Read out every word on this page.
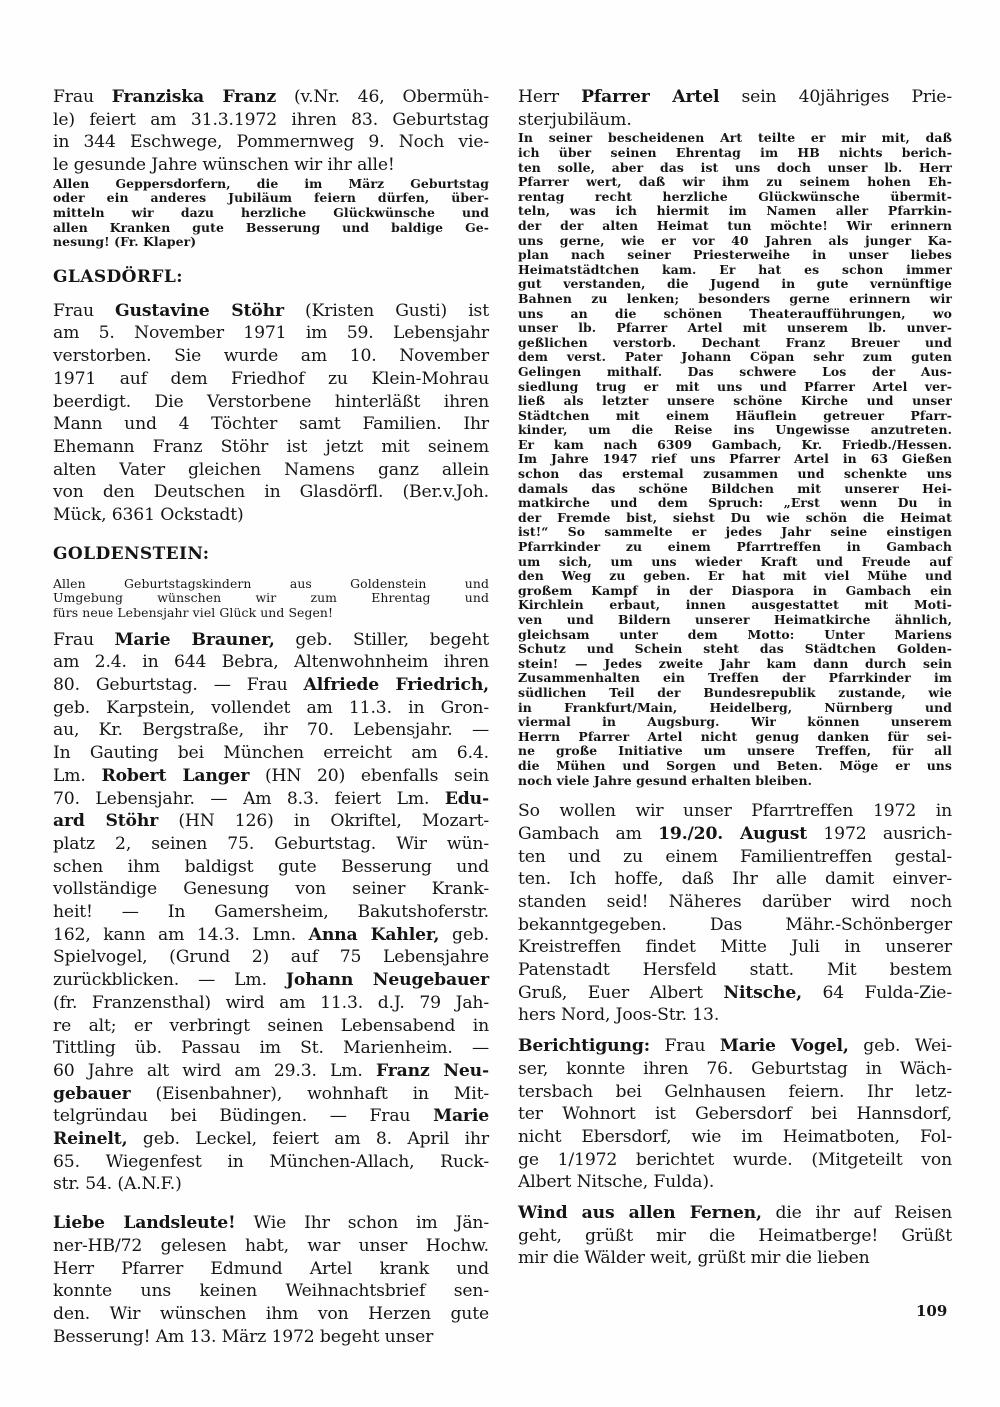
Frau Franziska Franz (v.Nr. 46, Obermüh-
le) feiert am 31.3.1972 ihren 83. Geburtstag
in 344 Eschwege, Pommernweg 9. Noch vie-
le gesunde Jahre wünschen wir ihr alle!
Allen Geppersdorfern, die im März Geburtstag
oder ein anderes Jubiläum feiern dürfen, über-
mitteln wir dazu herzliche Glückwünsche und
allen Kranken gute Besserung und baldige Ge-
nesung! (Fr. Klaper)
GLASDÖRFL:
Frau Gustavine Stöhr (Kristen Gusti) ist
am 5. November 1971 im 59. Lebensjahr
verstorben. Sie wurde am 10. November
1971 auf dem Friedhof zu Klein-Mohrau
beerdigt. Die Verstorbene hinterläßt ihren
Mann und 4 Töchter samt Familien. Ihr
Ehemann Franz Stöhr ist jetzt mit seinem
alten Vater gleichen Namens ganz allein
von den Deutschen in Glasdörfl. (Ber.v.Joh.
Mück, 6361 Ockstadt)
GOLDENSTEIN:
Allen Geburtstagskindern aus Goldenstein und
Umgebung wünschen wir zum Ehrentag und
fürs neue Lebensjahr viel Glück und Segen!
Frau Marie Brauner, geb. Stiller, begeht
am 2.4. in 644 Bebra, Altenwohnheim ihren
80. Geburtstag. — Frau Alfriede Friedrich,
geb. Karpstein, vollendet am 11.3. in Gron-
au, Kr. Bergstraße, ihr 70. Lebensjahr. —
In Gauting bei München erreicht am 6.4.
Lm. Robert Langer (HN 20) ebenfalls sein
70. Lebensjahr. — Am 8.3. feiert Lm. Edu-
ard Stöhr (HN 126) in Okriftel, Mozart-
platz 2, seinen 75. Geburtstag. Wir wün-
schen ihm baldigst gute Besserung und
vollständige Genesung von seiner Krank-
heit! — In Gamersheim, Bakutshoferstr.
162, kann am 14.3. Lmn. Anna Kahler, geb.
Spielvogel, (Grund 2) auf 75 Lebensjahre
zurückblicken. — Lm. Johann Neugebauer
(fr. Franzensthal) wird am 11.3. d.J. 79 Jah-
re alt; er verbringt seinen Lebensabend in
Tittling üb. Passau im St. Marienheim. —
60 Jahre alt wird am 29.3. Lm. Franz Neu-
gebauer (Eisenbahner), wohnhaft in Mit-
telgründau bei Büdingen. — Frau Marie
Reinelt, geb. Leckel, feiert am 8. April ihr
65. Wiegenfest in München-Allach, Ruck-
str. 54. (A.N.F.)
Liebe Landsleute! Wie Ihr schon im Jän-
ner-HB/72 gelesen habt, war unser Hochw.
Herr Pfarrer Edmund Artel krank und
konnte uns keinen Weihnachtsbrief sen-
den. Wir wünschen ihm von Herzen gute
Besserung! Am 13. März 1972 begeht unser
Herr Pfarrer Artel sein 40jähriges Prie-
sterjubiläum.
In seiner bescheidenen Art teilte er mir mit, daß
ich über seinen Ehrentag im HB nichts berich-
ten solle, aber das ist uns doch unser lb. Herr
Pfarrer wert, daß wir ihm zu seinem hohen Eh-
rentag recht herzliche Glückwünsche übermit-
teln, was ich hiermit im Namen aller Pfarrkin-
der der alten Heimat tun möchte! Wir erinnern
uns gerne, wie er vor 40 Jahren als junger Ka-
plan nach seiner Priesterweihe in unser liebes
Heimatstädtchen kam. Er hat es schon immer
gut verstanden, die Jugend in gute vernünftige
Bahnen zu lenken; besonders gerne erinnern wir
uns an die schönen Theateraufführungen, wo
unser lb. Pfarrer Artel mit unserem lb. unver-
geßlichen verstorb. Dechant Franz Breuer und
dem verst. Pater Johann Cöpan sehr zum guten
Gelingen mithalf. Das schwere Los der Aus-
siedlung trug er mit uns und Pfarrer Artel ver-
ließ als letzter unsere schöne Kirche und unser
Städtchen mit einem Häuflein getreuer Pfarr-
kinder, um die Reise ins Ungewisse anzutreten.
Er kam nach 6309 Gambach, Kr. Friedb./Hessen.
Im Jahre 1947 rief uns Pfarrer Artel in 63 Gießen
schon das erstemal zusammen und schenkte uns
damals das schöne Bildchen mit unserer Hei-
matkirche und dem Spruch: „Erst wenn Du in
der Fremde bist, siehst Du wie schön die Heimat
ist!“ So sammelte er jedes Jahr seine einstigen
Pfarrkinder zu einem Pfarrtreffen in Gambach
um sich, um uns wieder Kraft und Freude auf
den Weg zu geben. Er hat mit viel Mühe und
großem Kampf in der Diaspora in Gambach ein
Kirchlein erbaut, innen ausgestattet mit Moti-
ven und Bildern unserer Heimatkirche ähnlich,
gleichsam unter dem Motto: Unter Mariens
Schutz und Schein steht das Städtchen Golden-
stein! — Jedes zweite Jahr kam dann durch sein
Zusammenhalten ein Treffen der Pfarrkinder im
südlichen Teil der Bundesrepublik zustande, wie
in Frankfurt/Main, Heidelberg, Nürnberg und
viermal in Augsburg. Wir können unserem
Herrn Pfarrer Artel nicht genug danken für sei-
ne große Initiative um unsere Treffen, für all
die Mühen und Sorgen und Beten. Möge er uns
noch viele Jahre gesund erhalten bleiben.
So wollen wir unser Pfarrtreffen 1972 in
Gambach am 19./20. August 1972 ausrich-
ten und zu einem Familientreffen gestal-
ten. Ich hoffe, daß Ihr alle damit einver-
standen seid! Näheres darüber wird noch
bekanntgegeben. Das Mähr.-Schönberger
Kreistreffen findet Mitte Juli in unserer
Patenstadt Hersfeld statt. Mit bestem
Gruß, Euer Albert Nitsche, 64 Fulda-Zie-
hers Nord, Joos-Str. 13.
Berichtigung: Frau Marie Vogel, geb. Wei-
ser, konnte ihren 76. Geburtstag in Wäch-
tersbach bei Gelnhausen feiern. Ihr letz-
ter Wohnort ist Gebersdorf bei Hannsdorf,
nicht Ebersdorf, wie im Heimatboten, Fol-
ge 1/1972 berichtet wurde. (Mitgeteilt von
Albert Nitsche, Fulda).
Wind aus allen Fernen, die ihr auf Reisen
geht, grüßt mir die Heimatberge! Grüßt
mir die Wälder weit, grüßt mir die lieben
109
